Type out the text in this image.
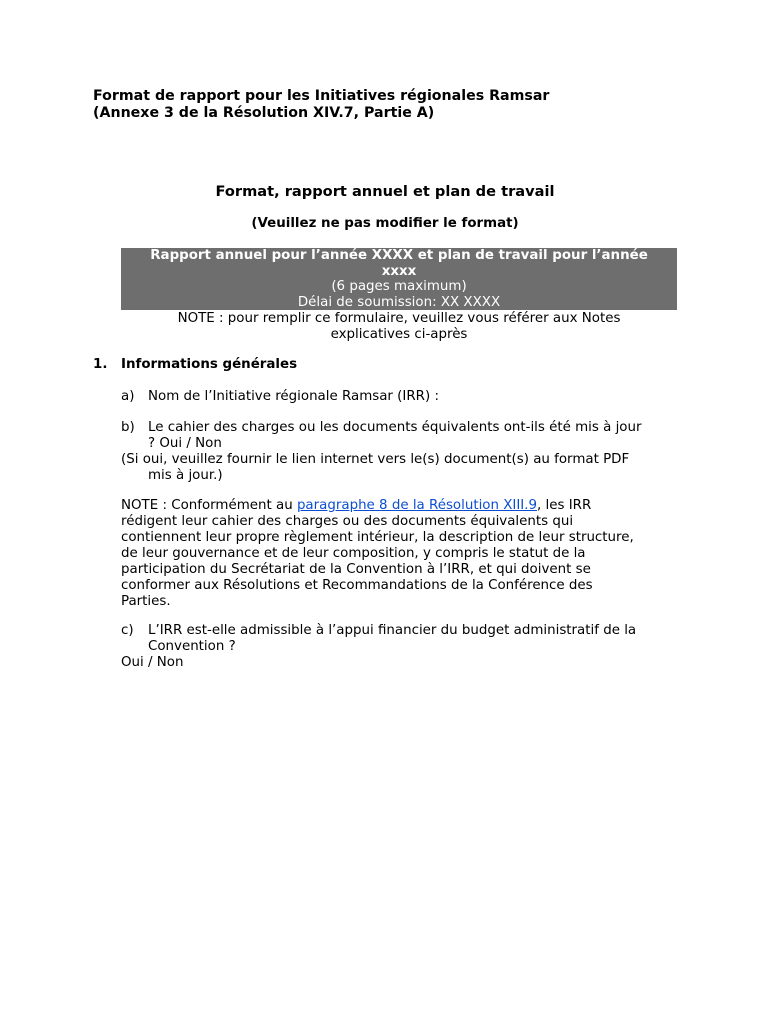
Format de rapport pour les Initiatives régionales Ramsar
(Annexe 3 de la Résolution XIV.7, Partie A)
Format, rapport annuel et plan de travail
(Veuillez ne pas modifier le format)
Rapport annuel pour l’année XXXX et plan de travail pour l’année
xxxx
(6 pages maximum)
Délai de soumission: XX XXXX
NOTE : pour remplir ce formulaire, veuillez vous référer aux Notes
explicatives ci-après
1. Informations générales
a) Nom de l’Initiative régionale Ramsar (IRR) :
b) Le cahier des charges ou les documents équivalents ont-ils été mis à jour
? Oui / Non
(Si oui, veuillez fournir le lien internet vers le(s) document(s) au format PDF
mis à jour.)
NOTE : Conformément au paragraphe 8 de la Résolution XIII.9, les IRR
rédigent leur cahier des charges ou des documents équivalents qui
contiennent leur propre règlement intérieur, la description de leur structure,
de leur gouvernance et de leur composition, y compris le statut de la
participation du Secrétariat de la Convention à l’IRR, et qui doivent se
conformer aux Résolutions et Recommandations de la Conférence des
Parties.
c) L’IRR est-elle admissible à l’appui financier du budget administratif de la
Convention ?
Oui / Non
